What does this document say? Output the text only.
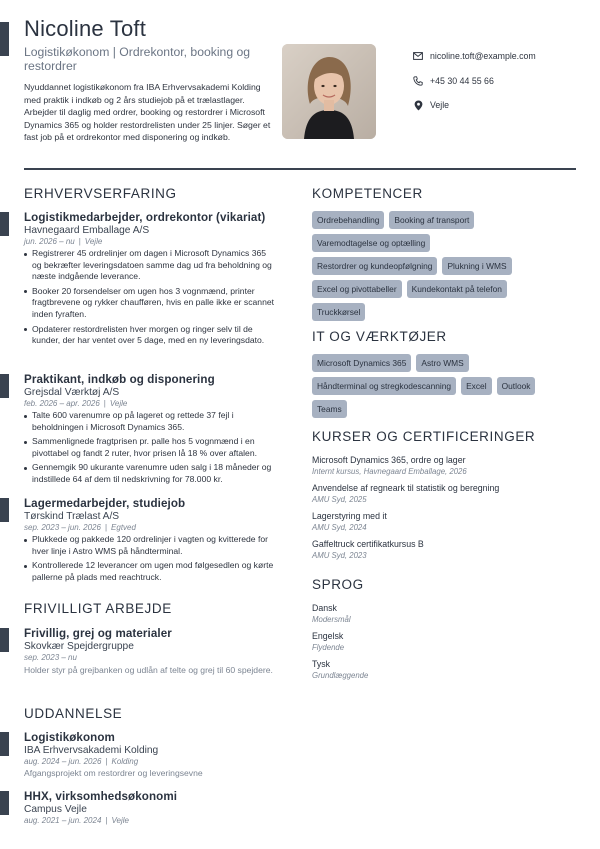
Nicoline Toft
Logistikøkonom | Ordrekontor, booking og restordrer

Nyuddannet logistikøkonom fra IBA Erhvervsakademi Kolding med praktik i indkøb og 2 års studiejob på et trælastlager. Arbejder til daglig med ordrer, booking og restordrer i Microsoft Dynamics 365 og holder restordrelisten under 25 linjer. Søger et fast job på et ordrekontor med disponering og indkøb.

nicoline.toft@example.com
+45 30 44 55 66
Vejle
ERHVERVSERFARING
Logistikmedarbejder, ordrekontor (vikariat)
Havnegaard Emballage A/S
jun. 2026 – nu | Vejle
Registrerer 45 ordrelinjer om dagen i Microsoft Dynamics 365 og bekræfter leveringsdatoen samme dag ud fra beholdning og næste indgående leverance.
Booker 20 forsendelser om ugen hos 3 vognmænd, printer fragtbrevene og rykker chaufføren, hvis en palle ikke er scannet inden fyraften.
Opdaterer restordrelisten hver morgen og ringer selv til de kunder, der har ventet over 5 dage, med en ny leveringsdato.
Praktikant, indkøb og disponering
Grejsdal Værktøj A/S
feb. 2026 – apr. 2026 | Vejle
Talte 600 varenumre op på lageret og rettede 37 fejl i beholdningen i Microsoft Dynamics 365.
Sammenlignede fragtprisen pr. palle hos 5 vognmænd i en pivottabel og fandt 2 ruter, hvor prisen lå 18 % over aftalen.
Gennemgik 90 ukurante varenumre uden salg i 18 måneder og indstillede 64 af dem til nedskrivning for 78.000 kr.
Lagermedarbejder, studiejob
Tørskind Trælast A/S
sep. 2023 – jun. 2026 | Egtved
Plukkede og pakkede 120 ordrelinjer i vagten og kvitterede for hver linje i Astro WMS på håndterminal.
Kontrollerede 12 leverancer om ugen mod følgesedlen og kørte pallerne på plads med reachtruck.
FRIVILLIGT ARBEJDE
Frivillig, grej og materialer
Skovkær Spejdergruppe
sep. 2023 – nu
Holder styr på grejbanken og udlån af telte og grej til 60 spejdere.
UDDANNELSE
Logistikøkonom
IBA Erhvervsakademi Kolding
aug. 2024 – jun. 2026 | Kolding
Afgangsprojekt om restordrer og leveringsevne
HHX, virksomhedsøkonomi
Campus Vejle
aug. 2021 – jun. 2024 | Vejle
KOMPETENCER
Ordrebehandling	Booking af transport
Varemodtagelse og optælling
Restordrer og kundeopfølgning	Plukning i WMS
Excel og pivottabeller	Kundekontakt på telefon
Truckkørsel
IT OG VÆRKTØJER
Microsoft Dynamics 365	Astro WMS
Håndterminal og stregkodescanning	Excel	Outlook
Teams
KURSER OG CERTIFICERINGER
Microsoft Dynamics 365, ordre og lager
Internt kursus, Havnegaard Emballage, 2026
Anvendelse af regneark til statistik og beregning
AMU Syd, 2025
Lagerstyring med it
AMU Syd, 2024
Gaffeltruck certifikatkursus B
AMU Syd, 2023
SPROG
Dansk
Modersmål
Engelsk
Flydende
Tysk
Grundlæggende
